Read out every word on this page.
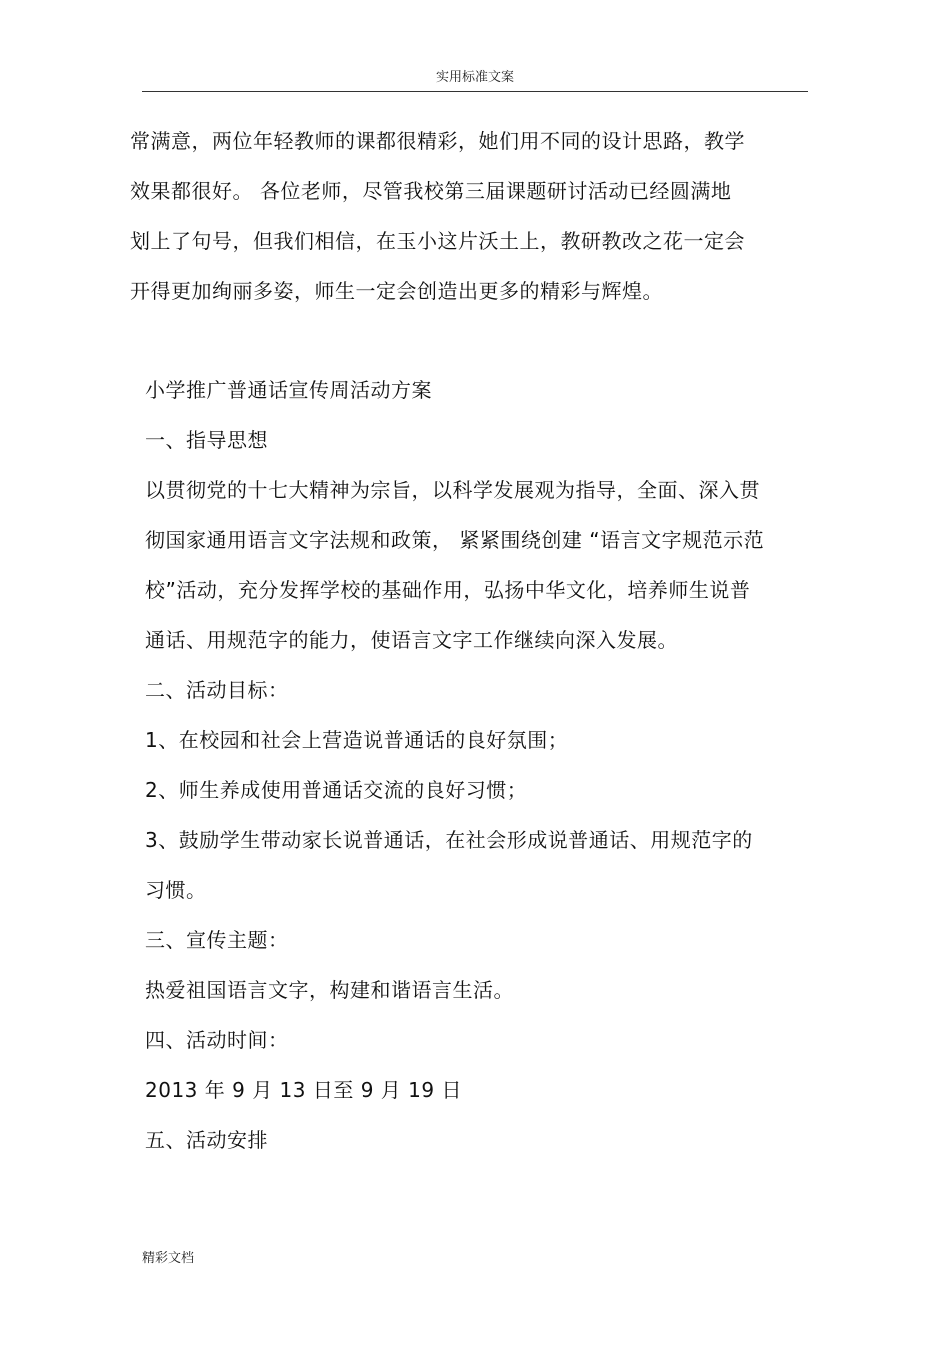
实用标准文案
常满意，两位年轻教师的课都很精彩，她们用不同的设计思路，教学
效果都很好。 各位老师，尽管我校第三届课题研讨活动已经圆满地
划上了句号，但我们相信，在玉小这片沃土上，教研教改之花一定会
开得更加绚丽多姿，师生一定会创造出更多的精彩与辉煌。
小学推广普通话宣传周活动方案
一、指导思想
以贯彻党的十七大精神为宗旨，以科学发展观为指导，全面、深入贯
彻国家通用语言文字法规和政策， 紧紧围绕创建 “语言文字规范示范
校”活动，充分发挥学校的基础作用，弘扬中华文化，培养师生说普
通话、用规范字的能力，使语言文字工作继续向深入发展。
二、活动目标：
1、在校园和社会上营造说普通话的良好氛围；
2、师生养成使用普通话交流的良好习惯；
3、鼓励学生带动家长说普通话，在社会形成说普通话、用规范字的
习惯。
三、宣传主题：
热爱祖国语言文字，构建和谐语言生活。
四、活动时间：
2013 年 9 月 13 日至 9 月 19 日
五、活动安排
精彩文档
